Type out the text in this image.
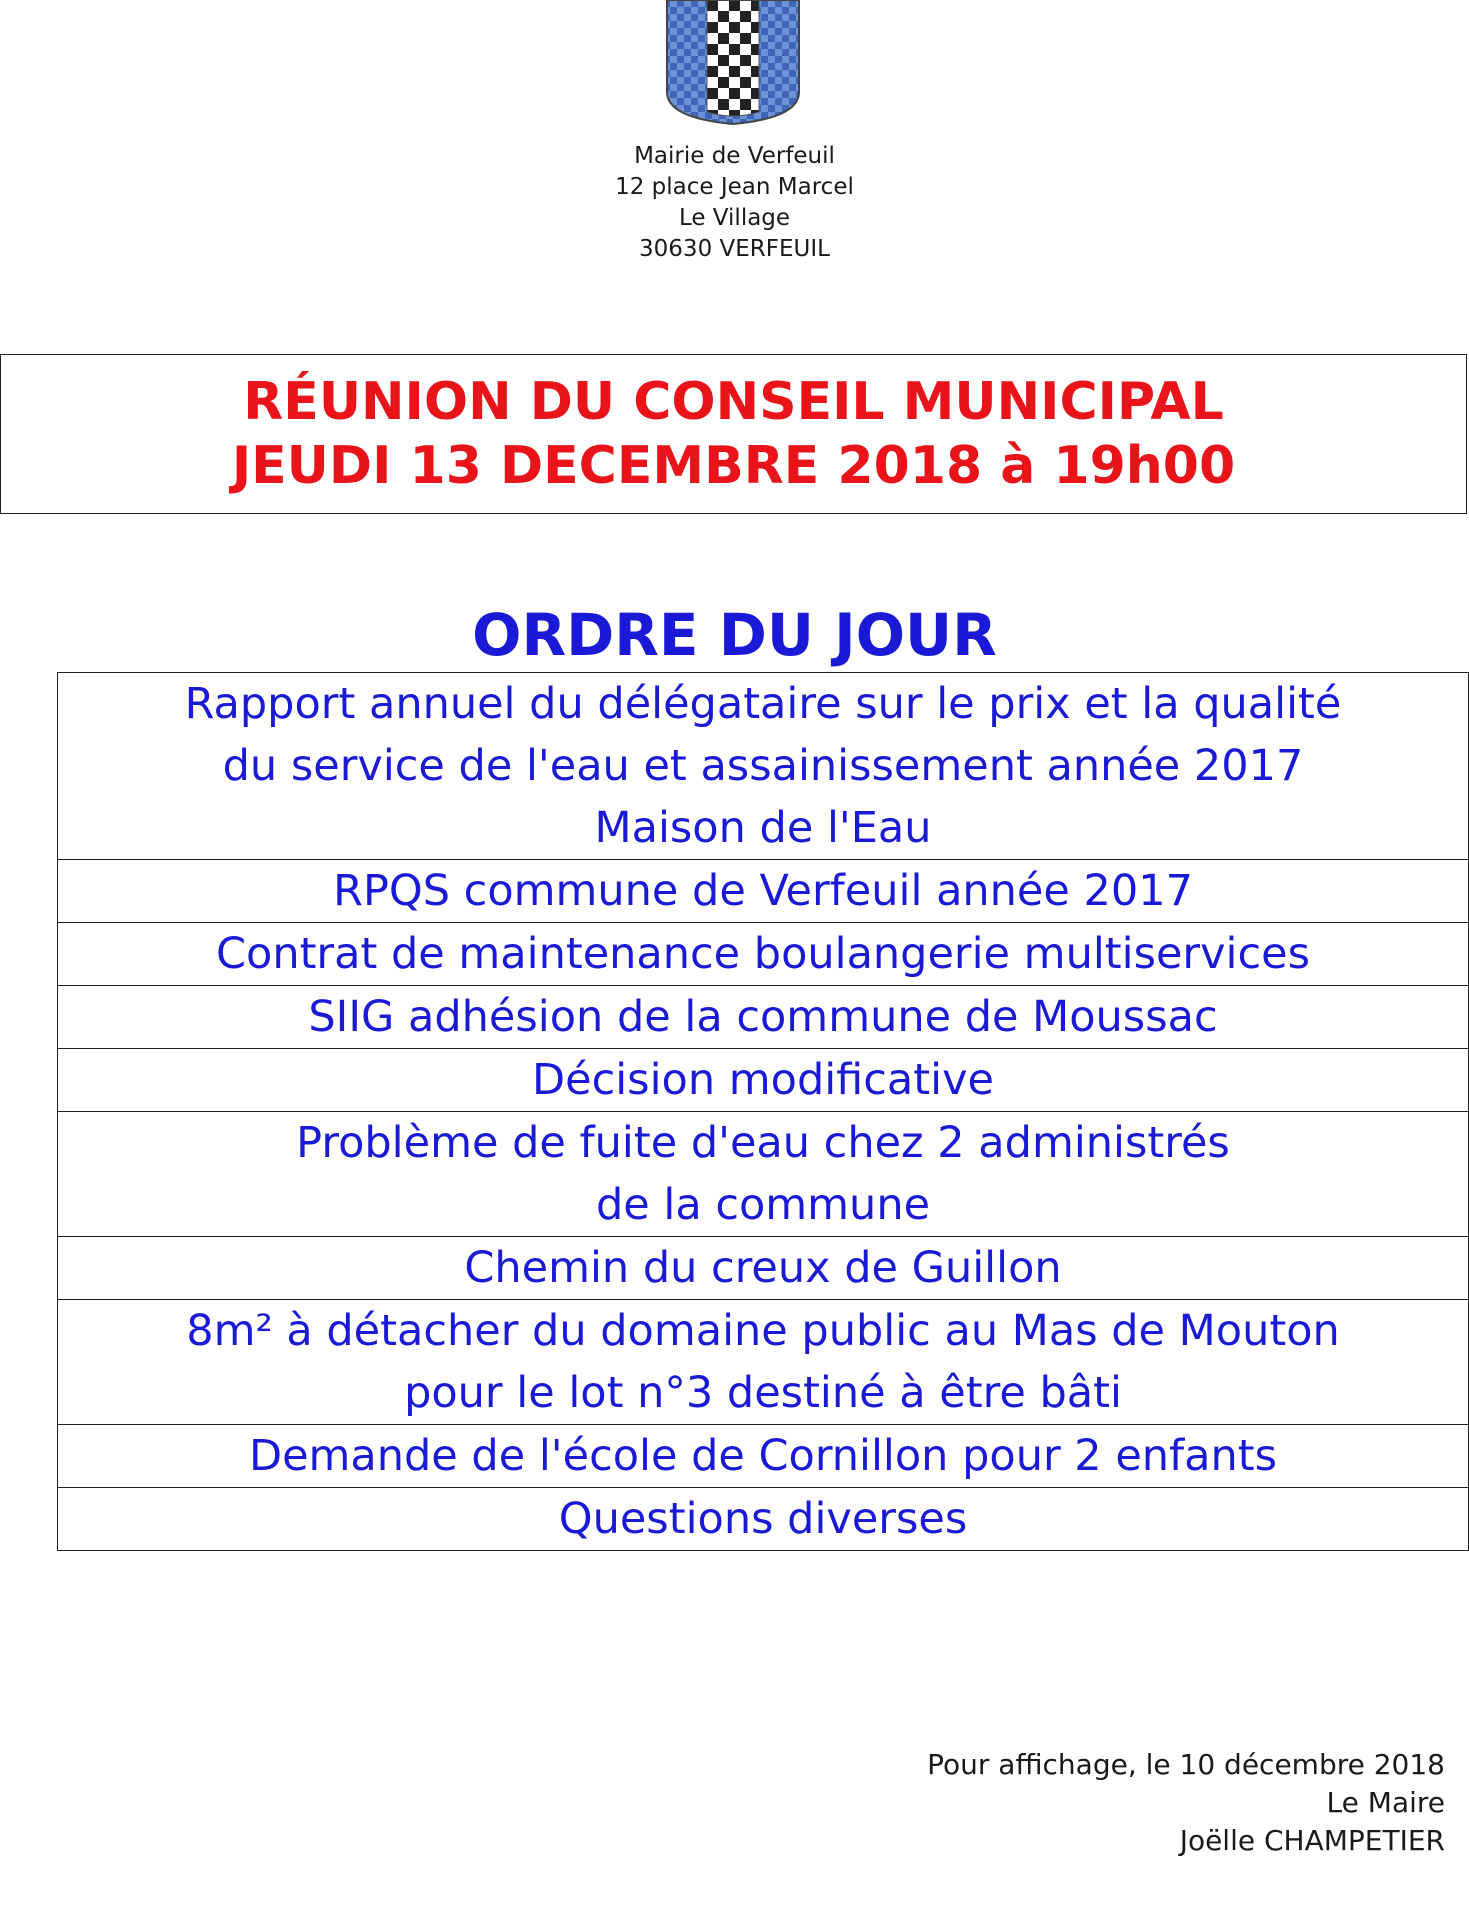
Mairie de Verfeuil
12 place Jean Marcel
Le Village
30630 VERFEUIL
RÉUNION DU CONSEIL MUNICIPAL
JEUDI 13 DECEMBRE 2018 à 19h00
ORDRE DU JOUR
Rapport annuel du délégataire sur le prix et la qualité
du service de l'eau et assainissement année 2017
Maison de l'Eau
RPQS commune de Verfeuil année 2017
Contrat de maintenance boulangerie multiservices
SIIG adhésion de la commune de Moussac
Décision modificative
Problème de fuite d'eau chez 2 administrés
de la commune
Chemin du creux de Guillon
8m² à détacher du domaine public au Mas de Mouton
pour le lot n°3 destiné à être bâti
Demande de l'école de Cornillon pour 2 enfants
Questions diverses
Pour affichage, le 10 décembre 2018
Le Maire
Joëlle CHAMPETIER
